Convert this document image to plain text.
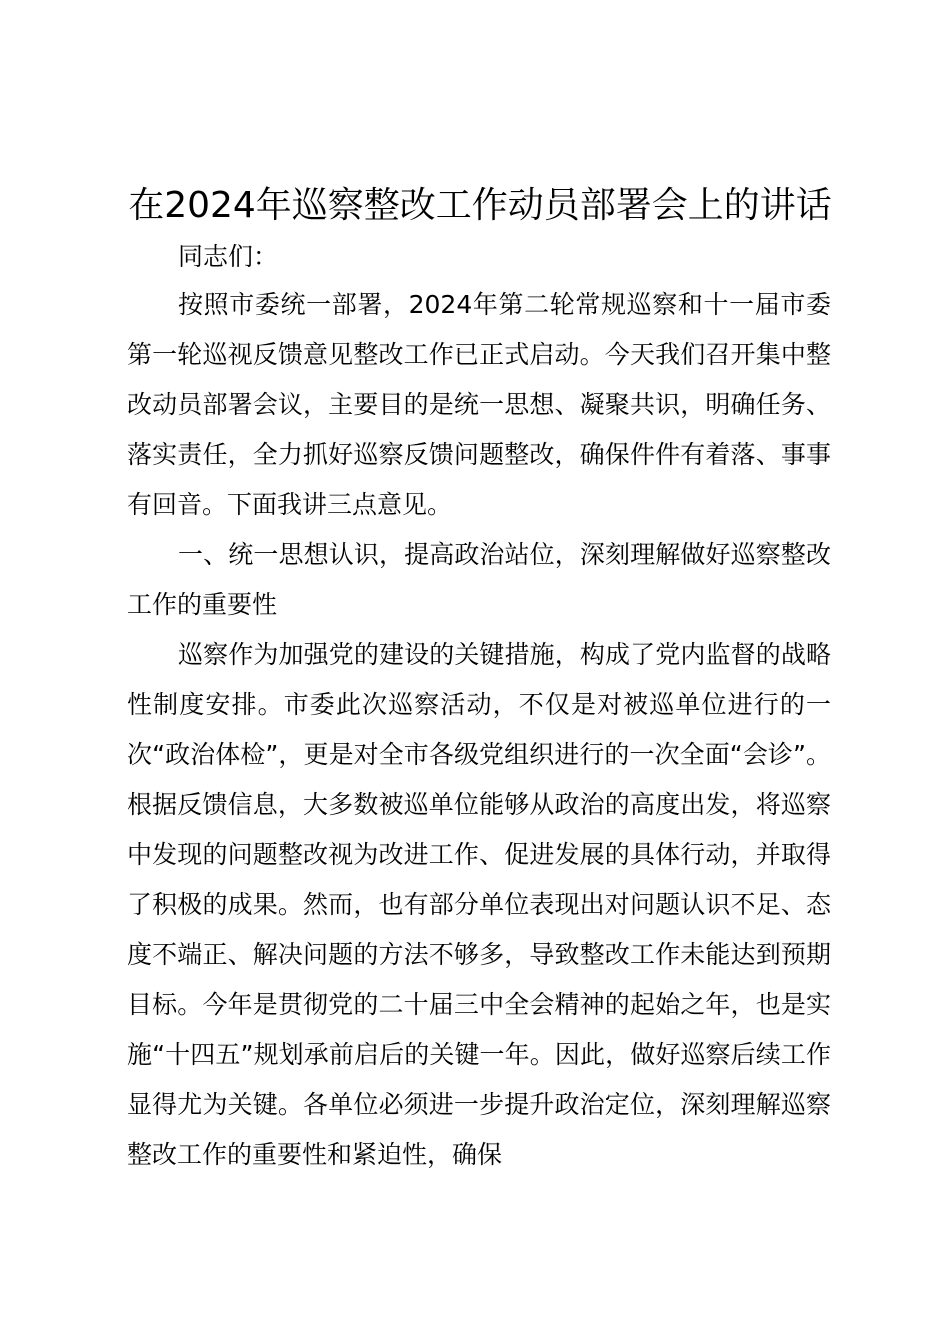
在2024年巡察整改工作动员部署会上的讲话

同志们：

按照市委统一部署，2024年第二轮常规巡察和十一届市委第一轮巡视反馈意见整改工作已正式启动。今天我们召开集中整改动员部署会议，主要目的是统一思想、凝聚共识，明确任务、落实责任，全力抓好巡察反馈问题整改，确保件件有着落、事事有回音。下面我讲三点意见。

一、统一思想认识，提高政治站位，深刻理解做好巡察整改工作的重要性

巡察作为加强党的建设的关键措施，构成了党内监督的战略性制度安排。市委此次巡察活动，不仅是对被巡单位进行的一次“政治体检”，更是对全市各级党组织进行的一次全面“会诊”。根据反馈信息，大多数被巡单位能够从政治的高度出发，将巡察中发现的问题整改视为改进工作、促进发展的具体行动，并取得了积极的成果。然而，也有部分单位表现出对问题认识不足、态度不端正、解决问题的方法不够多，导致整改工作未能达到预期目标。今年是贯彻党的二十届三中全会精神的起始之年，也是实施“十四五”规划承前启后的关键一年。因此，做好巡察后续工作显得尤为关键。各单位必须进一步提升政治定位，深刻理解巡察整改工作的重要性和紧迫性，确保
